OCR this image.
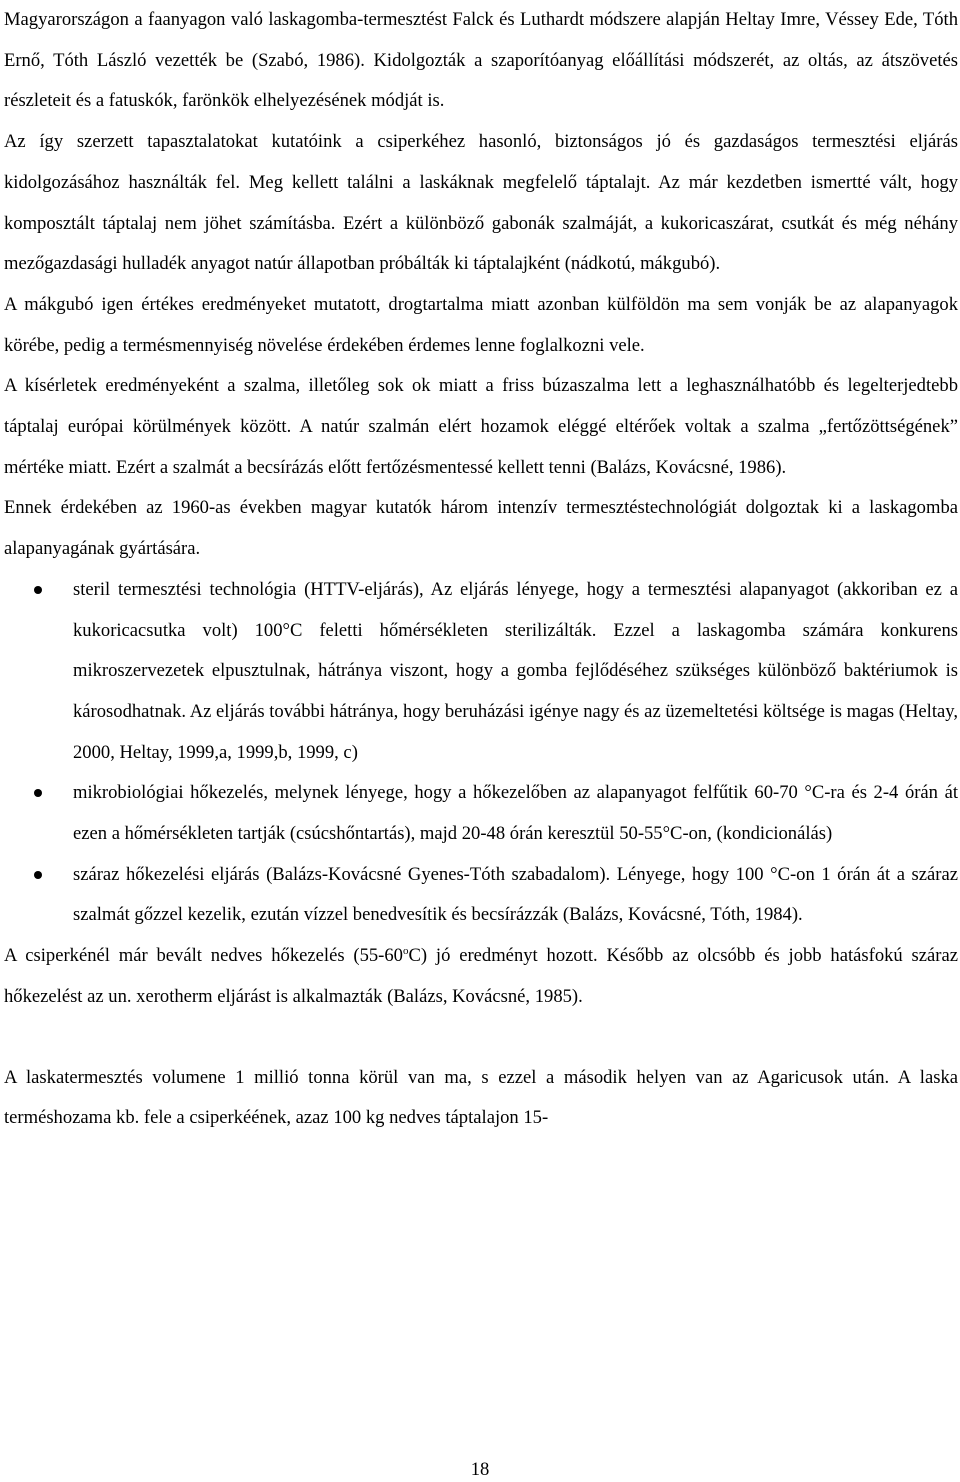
Magyarországon a faanyagon való laskagomba-termesztést Falck és Luthardt módszere alapján Heltay Imre, Véssey Ede, Tóth Ernő, Tóth László vezették be (Szabó, 1986). Kidolgozták a szaporítóanyag előállítási módszerét, az oltás, az átszövetés részleteit és a fatuskók, farönkök elhelyezésének módját is.

Az így szerzett tapasztalatokat kutatóink a csiperkéhez hasonló, biztonságos jó és gazdaságos termesztési eljárás kidolgozásához használták fel. Meg kellett találni a laskáknak megfelelő táptalajt. Az már kezdetben ismertté vált, hogy komposztált táptalaj nem jöhet számításba. Ezért a különböző gabonák szalmáját, a kukoricaszárat, csutkát és még néhány mezőgazdasági hulladék anyagot natúr állapotban próbálták ki táptalajként (nádkotú, mákgubó).

A mákgubó igen értékes eredményeket mutatott, drogtartalma miatt azonban külföldön ma sem vonják be az alapanyagok körébe, pedig a termésmennyiség növelése érdekében érdemes lenne foglalkozni vele.

A kísérletek eredményeként a szalma, illetőleg sok ok miatt a friss búzaszalma lett a leghasználhatóbb és legelterjedtebb táptalaj európai körülmények között. A natúr szalmán elért hozamok eléggé eltérőek voltak a szalma „fertőzöttségének” mértéke miatt. Ezért a szalmát a becsírázás előtt fertőzésmentessé kellett tenni (Balázs, Kovácsné, 1986).

Ennek érdekében az 1960-as években magyar kutatók három intenzív termesztéstechnológiát dolgoztak ki a laskagomba alapanyagának gyártására.

steril termesztési technológia (HTTV-eljárás), Az eljárás lényege, hogy a termesztési alapanyagot (akkoriban ez a kukoricacsutka volt) 100°C feletti hőmérsékleten sterilizálták. Ezzel a laskagomba számára konkurens mikroszervezetek elpusztulnak, hátránya viszont, hogy a gomba fejlődéséhez szükséges különböző baktériumok is károsodhatnak. Az eljárás további hátránya, hogy beruházási igénye nagy és az üzemeltetési költsége is magas (Heltay, 2000, Heltay, 1999,a, 1999,b, 1999, c)
mikrobiológiai hőkezelés, melynek lényege, hogy a hőkezelőben az alapanyagot felfűtik 60-70 °C-ra és 2-4 órán át ezen a hőmérsékleten tartják (csúcshőntartás), majd 20-48 órán keresztül 50-55°C-on, (kondicionálás)
száraz hőkezelési eljárás (Balázs-Kovácsné Gyenes-Tóth szabadalom). Lényege, hogy 100 °C-on 1 órán át a száraz szalmát gőzzel kezelik, ezután vízzel benedvesítik és becsírázzák (Balázs, Kovácsné, Tóth, 1984).

A csiperkénél már bevált nedves hőkezelés (55-60$^o$C) jó eredményt hozott. Később az olcsóbb és jobb hatásfokú száraz hőkezelést az un. xerotherm eljárást is alkalmazták (Balázs, Kovácsné, 1985).

A laskatermesztés volumene 1 millió tonna körül van ma, s ezzel a második helyen van az Agaricusok után. A laska terméshozama kb. fele a csiperkéének, azaz 100 kg nedves táptalajon 15-

18
